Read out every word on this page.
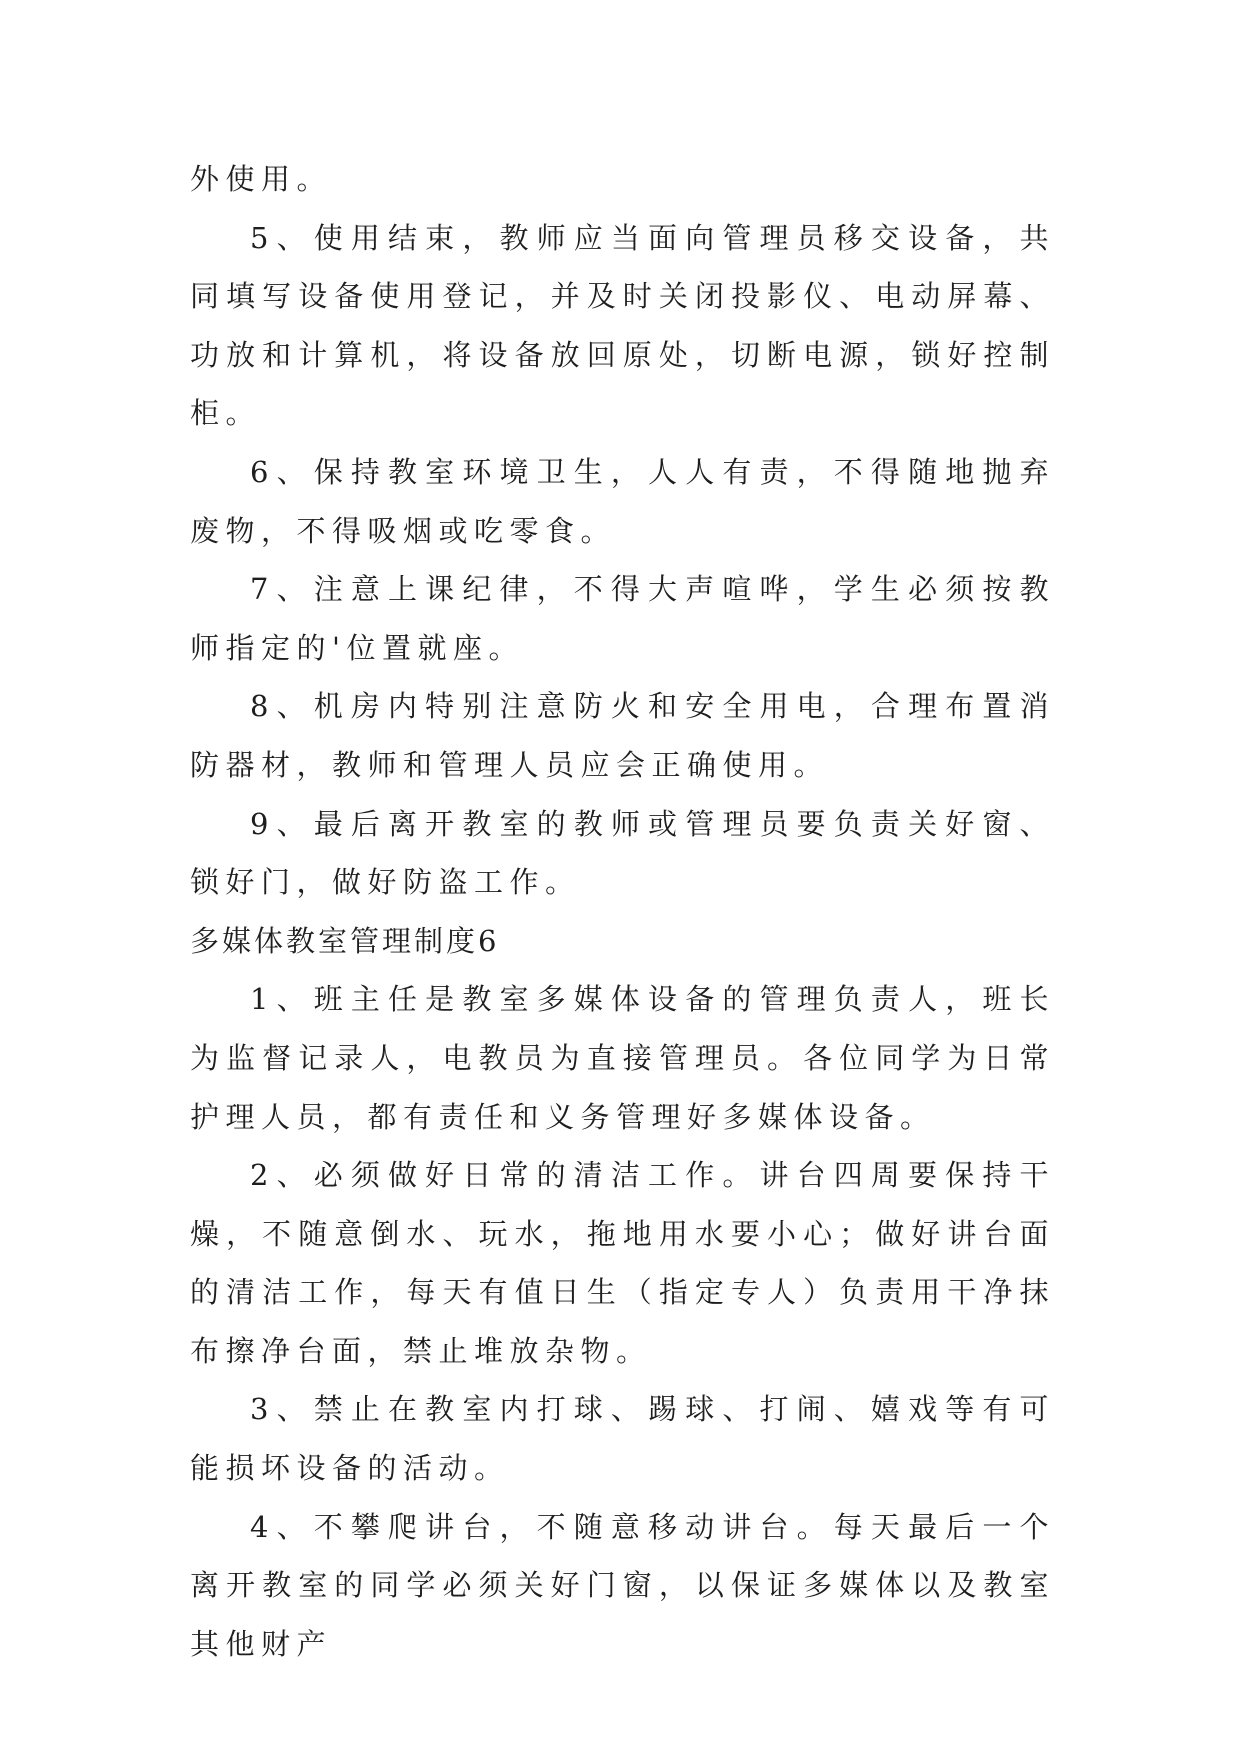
外使用。

5、使用结束，教师应当面向管理员移交设备，共同填写设备使用登记，并及时关闭投影仪、电动屏幕、功放和计算机，将设备放回原处，切断电源，锁好控制柜。

6、保持教室环境卫生，人人有责，不得随地抛弃废物，不得吸烟或吃零食。

7、注意上课纪律，不得大声喧哗，学生必须按教师指定的'位置就座。

8、机房内特别注意防火和安全用电，合理布置消防器材，教师和管理人员应会正确使用。

9、最后离开教室的教师或管理员要负责关好窗、锁好门，做好防盗工作。

多媒体教室管理制度6

1、班主任是教室多媒体设备的管理负责人，班长为监督记录人，电教员为直接管理员。各位同学为日常护理人员，都有责任和义务管理好多媒体设备。

2、必须做好日常的清洁工作。讲台四周要保持干燥，不随意倒水、玩水，拖地用水要小心；做好讲台面的清洁工作，每天有值日生（指定专人）负责用干净抹布擦净台面，禁止堆放杂物。

3、禁止在教室内打球、踢球、打闹、嬉戏等有可能损坏设备的活动。

4、不攀爬讲台，不随意移动讲台。每天最后一个离开教室的同学必须关好门窗，以保证多媒体以及教室其他财产
